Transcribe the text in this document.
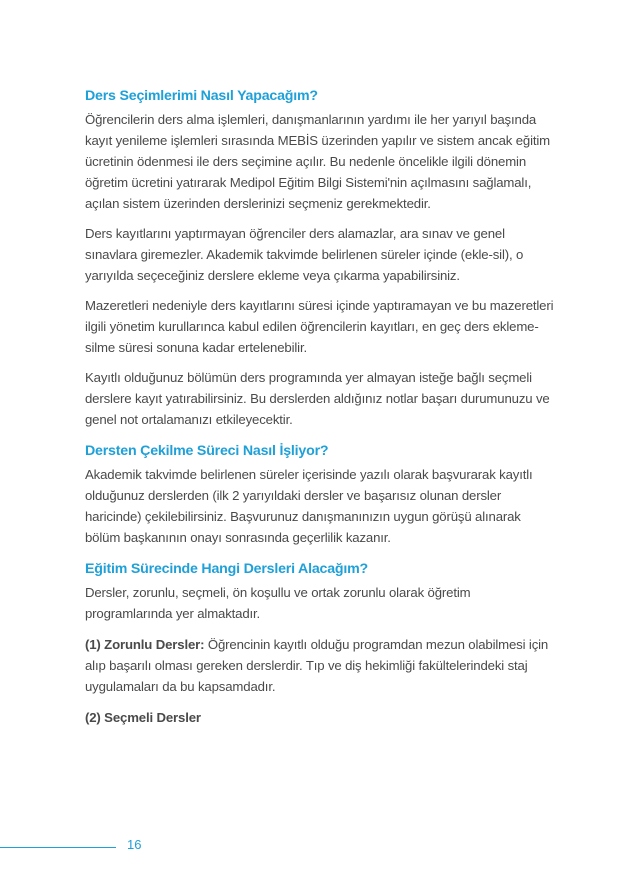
Ders Seçimlerimi Nasıl Yapacağım?

Öğrencilerin ders alma işlemleri, danışmanlarının yardımı ile her yarıyıl başında kayıt yenileme işlemleri sırasında MEBİS üzerinden yapılır ve sistem ancak eğitim ücretinin ödenmesi ile ders seçimine açılır. Bu nedenle öncelikle ilgili dönemin öğretim ücretini yatırarak Medipol Eğitim Bilgi Sistemi'nin açılmasını sağlamalı, açılan sistem üzerinden derslerinizi seçmeniz gerekmektedir.

Ders kayıtlarını yaptırmayan öğrenciler ders alamazlar, ara sınav ve genel sınavlara giremezler. Akademik takvimde belirlenen süreler içinde (ekle-sil), o yarıyılda seçeceğiniz derslere ekleme veya çıkarma yapabilirsiniz.

Mazeretleri nedeniyle ders kayıtlarını süresi içinde yaptıramayan ve bu mazeretleri ilgili yönetim kurullarınca kabul edilen öğrencilerin kayıtları, en geç ders ekleme-silme süresi sonuna kadar ertelenebilir.

Kayıtlı olduğunuz bölümün ders programında yer almayan isteğe bağlı seçmeli derslere kayıt yatırabilirsiniz. Bu derslerden aldığınız notlar başarı durumunuzu ve genel not ortalamanızı etkileyecektir.

Dersten Çekilme Süreci Nasıl İşliyor?

Akademik takvimde belirlenen süreler içerisinde yazılı olarak başvurarak kayıtlı olduğunuz derslerden (ilk 2 yarıyıldaki dersler ve başarısız olunan dersler haricinde) çekilebilirsiniz. Başvurunuz danışmanınızın uygun görüşü alınarak bölüm başkanının onayı sonrasında geçerlilik kazanır.

Eğitim Sürecinde Hangi Dersleri Alacağım?

Dersler, zorunlu, seçmeli, ön koşullu ve ortak zorunlu olarak öğretim programlarında yer almaktadır.

(1) Zorunlu Dersler: Öğrencinin kayıtlı olduğu programdan mezun olabilmesi için alıp başarılı olması gereken derslerdir. Tıp ve diş hekimliği fakültelerindeki staj uygulamaları da bu kapsamdadır.

(2) Seçmeli Dersler

16
